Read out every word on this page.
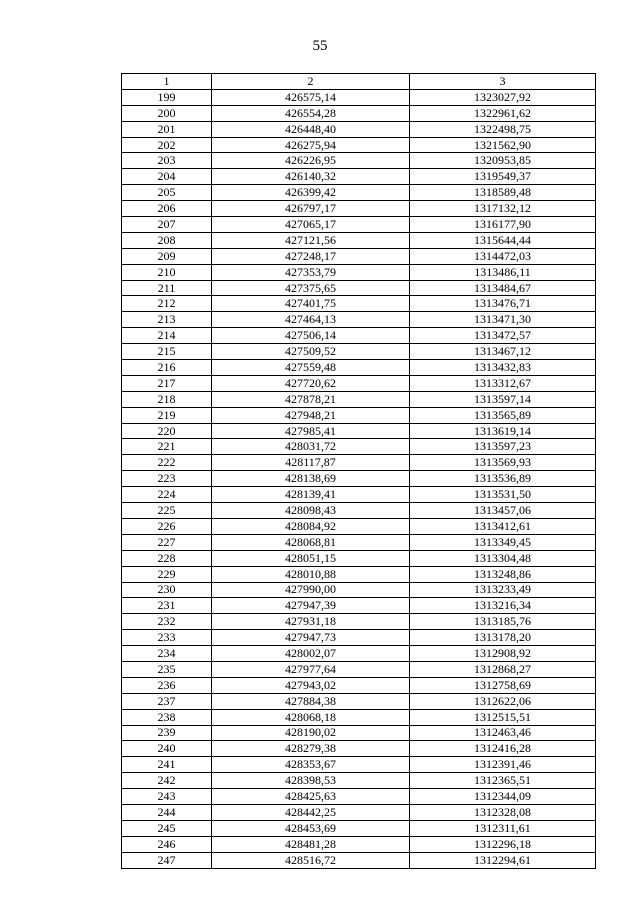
55
1	2	3
199	426575,14	1323027,92
200	426554,28	1322961,62
201	426448,40	1322498,75
202	426275,94	1321562,90
203	426226,95	1320953,85
204	426140,32	1319549,37
205	426399,42	1318589,48
206	426797,17	1317132,12
207	427065,17	1316177,90
208	427121,56	1315644,44
209	427248,17	1314472,03
210	427353,79	1313486,11
211	427375,65	1313484,67
212	427401,75	1313476,71
213	427464,13	1313471,30
214	427506,14	1313472,57
215	427509,52	1313467,12
216	427559,48	1313432,83
217	427720,62	1313312,67
218	427878,21	1313597,14
219	427948,21	1313565,89
220	427985,41	1313619,14
221	428031,72	1313597,23
222	428117,87	1313569,93
223	428138,69	1313536,89
224	428139,41	1313531,50
225	428098,43	1313457,06
226	428084,92	1313412,61
227	428068,81	1313349,45
228	428051,15	1313304,48
229	428010,88	1313248,86
230	427990,00	1313233,49
231	427947,39	1313216,34
232	427931,18	1313185,76
233	427947,73	1313178,20
234	428002,07	1312908,92
235	427977,64	1312868,27
236	427943,02	1312758,69
237	427884,38	1312622,06
238	428068,18	1312515,51
239	428190,02	1312463,46
240	428279,38	1312416,28
241	428353,67	1312391,46
242	428398,53	1312365,51
243	428425,63	1312344,09
244	428442,25	1312328,08
245	428453,69	1312311,61
246	428481,28	1312296,18
247	428516,72	1312294,61
